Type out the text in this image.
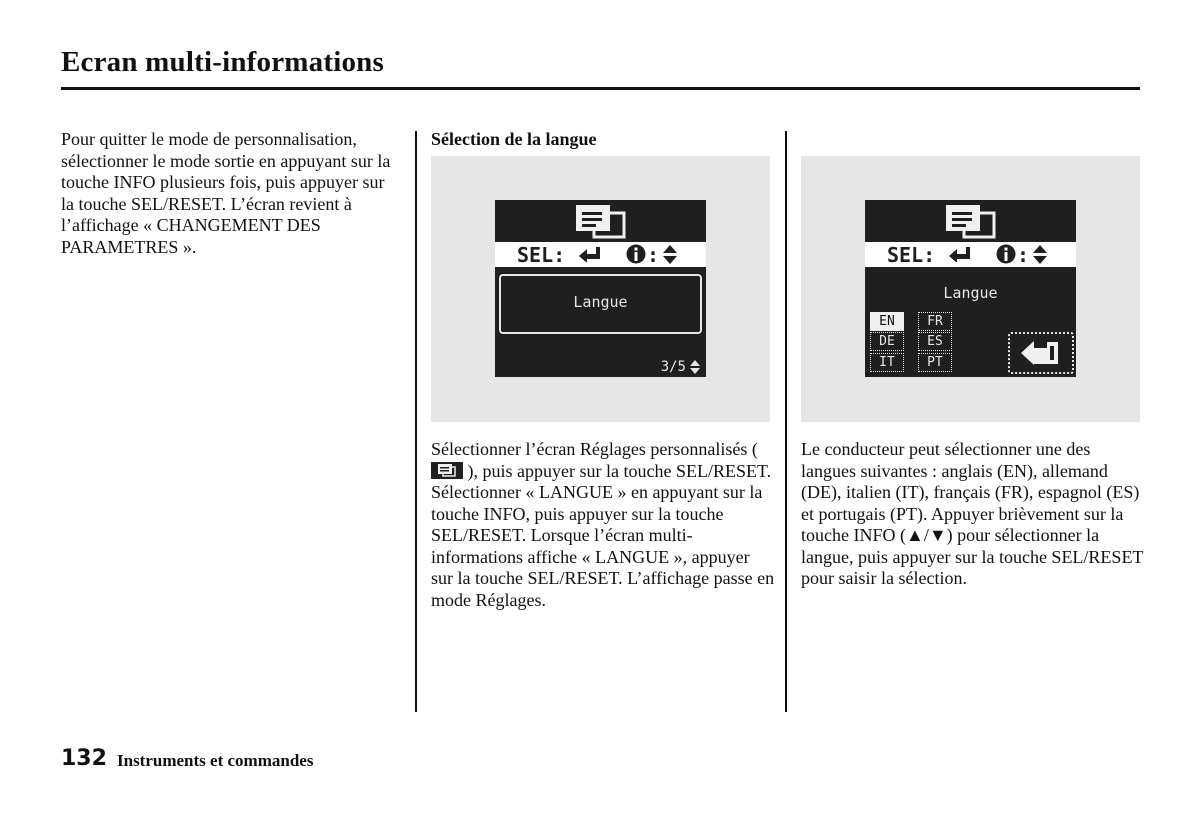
Ecran multi-informations

Pour quitter le mode de personnalisation, sélectionner le mode sortie en appuyant sur la touche INFO plusieurs fois, puis appuyer sur la touche SEL/RESET. L’écran revient à l’affichage « CHANGEMENT DES PARAMETRES ».

Sélection de la langue
SEL:	:
Langue
3/5
SEL:	:
Langue
EN	FR
DE	ES
IT	PT

Sélectionner l’écran Réglages personnalisés (  ), puis appuyer sur la touche SEL/RESET. Sélectionner « LANGUE » en appuyant sur la touche INFO, puis appuyer sur la touche SEL/RESET. Lorsque l’écran multi-informations affiche « LANGUE », appuyer sur la touche SEL/RESET. L’affichage passe en mode Réglages.

Le conducteur peut sélectionner une des langues suivantes : anglais (EN), allemand (DE), italien (IT), français (FR), espagnol (ES) et portugais (PT). Appuyer brièvement sur la touche INFO (▲/▼) pour sélectionner la langue, puis appuyer sur la touche SEL/RESET pour saisir la sélection.

132 Instruments et commandes
